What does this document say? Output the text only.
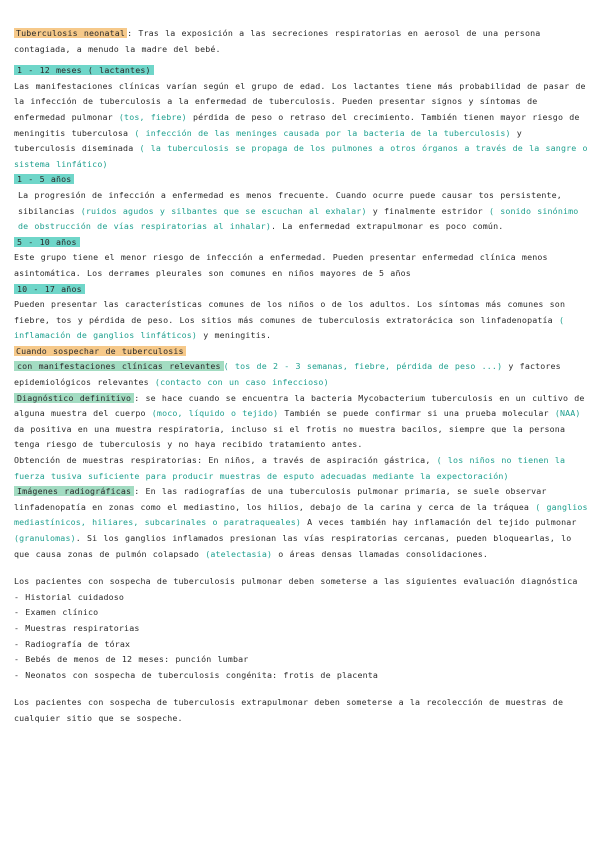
Tuberculosis neonatal : Tras la exposición a las secreciones respiratorias en aerosol de una persona contagiada, a menudo la madre del bebé.

1 - 12 meses ( lactantes)

Las manifestaciones clínicas varían según el grupo de edad. Los lactantes tiene más probabilidad de pasar de la infección de tuberculosis a la enfermedad de tuberculosis. Pueden presentar signos y síntomas de enfermedad pulmonar (tos, fiebre) pérdida de peso o retraso del crecimiento. También tienen mayor riesgo de meningitis tuberculosa ( infección de las meninges causada por la bacteria de la tuberculosis) y tuberculosis diseminada ( la tuberculosis se propaga de los pulmones a otros órganos a través de la sangre o sistema linfático)

1 - 5 años

La progresión de infección a enfermedad es menos frecuente. Cuando ocurre puede causar tos persistente, sibilancias (ruidos agudos y silbantes que se escuchan al exhalar) y finalmente estridor ( sonido sinónimo de obstrucción de vías respiratorias al inhalar). La enfermedad extrapulmonar es poco común.

5 - 10 años

Este grupo tiene el menor riesgo de infección a enfermedad. Pueden presentar enfermedad clínica menos asintomática. Los derrames pleurales son comunes en niños mayores de 5 años

10 - 17 años

Pueden presentar las características comunes de los niños o de los adultos. Los síntomas más comunes son fiebre, tos y pérdida de peso. Los sitios más comunes de tuberculosis extratorácica son linfadenopatía ( inflamación de ganglios linfáticos) y meningitis.

Cuando sospechar de tuberculosis

con manifestaciones clínicas relevantes ( tos de 2 - 3 semanas, fiebre, pérdida de peso ...) y factores epidemiológicos relevantes (contacto con un caso infeccioso)

Diagnóstico definitivo : se hace cuando se encuentra la bacteria Mycobacterium tuberculosis en un cultivo de alguna muestra del cuerpo (moco, líquido o tejido) También se puede confirmar si una prueba molecular (NAA) da positiva en una muestra respiratoria, incluso si el frotis no muestra bacilos, siempre que la persona tenga riesgo de tuberculosis y no haya recibido tratamiento antes.

Obtención de muestras respiratorias: En niños, a través de aspiración gástrica, ( los niños no tienen la fuerza tusiva suficiente para producir muestras de esputo adecuadas mediante la expectoración)

Imágenes radiográficas : En las radiografías de una tuberculosis pulmonar primaria, se suele observar linfadenopatía en zonas como el mediastino, los hilios, debajo de la carina y cerca de la tráquea ( ganglios mediastínicos, hiliares, subcarinales o paratraqueales) A veces también hay inflamación del tejido pulmonar (granulomas). Si los ganglios inflamados presionan las vías respiratorias cercanas, pueden bloquearlas, lo que causa zonas de pulmón colapsado (atelectasia) o áreas densas llamadas consolidaciones.

Los pacientes con sospecha de tuberculosis pulmonar deben someterse a las siguientes evaluación diagnóstica

- Historial cuidadoso
- Examen clínico
- Muestras respiratorias
- Radiografía de tórax
- Bebés de menos de 12 meses: punción lumbar
- Neonatos con sospecha de tuberculosis congénita: frotis de placenta

Los pacientes con sospecha de tuberculosis extrapulmonar deben someterse a la recolección de muestras de cualquier sitio que se sospeche.
